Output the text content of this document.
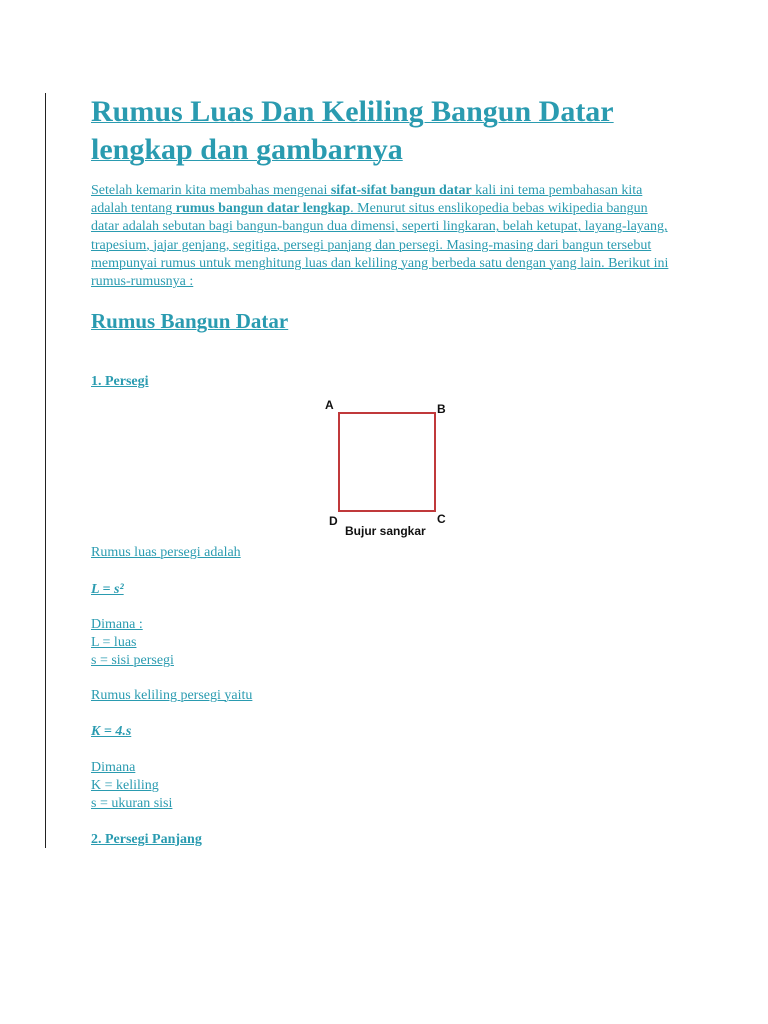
Rumus Luas Dan Keliling Bangun Datar lengkap dan gambarnya

Setelah kemarin kita membahas mengenai sifat-sifat bangun datar kali ini tema pembahasan kita adalah tentang rumus bangun datar lengkap. Menurut situs enslikopedia bebas wikipedia bangun datar adalah sebutan bagi bangun-bangun dua dimensi, seperti lingkaran, belah ketupat, layang-layang, trapesium, jajar genjang, segitiga, persegi panjang dan persegi. Masing-masing dari bangun tersebut mempunyai rumus untuk menghitung luas dan keliling yang berbeda satu dengan yang lain. Berikut ini rumus-rumusnya :

Rumus Bangun Datar

1. Persegi

A	B
C
D
Bujur sangkar

Rumus luas persegi adalah

L = s²

Dimana :

L = luas

s = sisi persegi

Rumus keliling persegi yaitu

K = 4.s

Dimana

K = keliling

s = ukuran sisi

2. Persegi Panjang
